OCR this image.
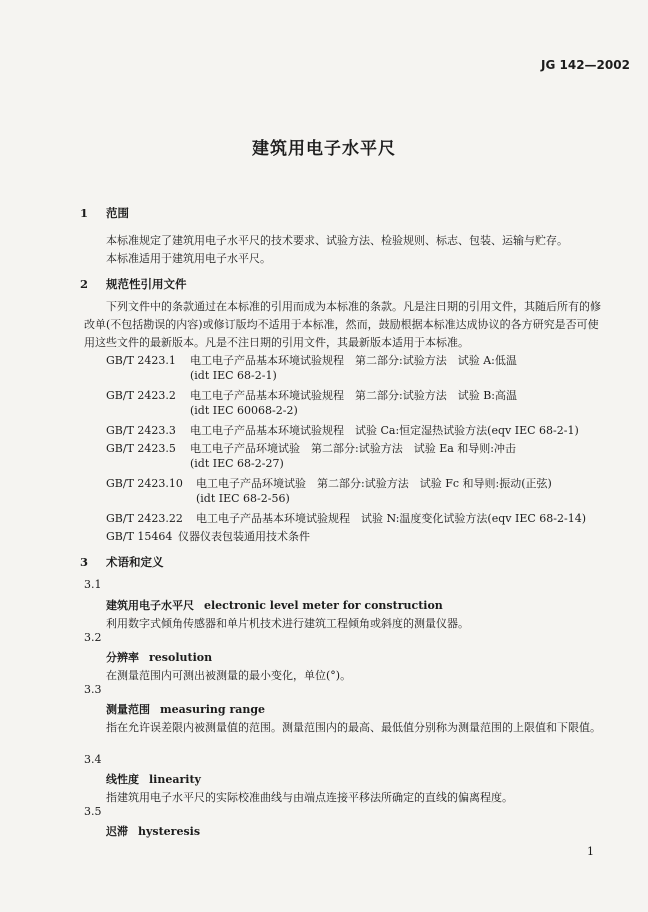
JG 142—2002
建筑用电子水平尺
1 范围
本标准规定了建筑用电子水平尺的技术要求、试验方法、检验规则、标志、包装、运输与贮存。
本标准适用于建筑用电子水平尺。
2 规范性引用文件
下列文件中的条款通过在本标准的引用而成为本标准的条款。凡是注日期的引用文件，其随后所有的修改单(不包括勘误的内容)或修订版均不适用于本标准，然而，鼓励根据本标准达成协议的各方研究是否可使用这些文件的最新版本。凡是不注日期的引用文件，其最新版本适用于本标准。
GB/T 2423.1 电工电子产品基本环境试验规程　第二部分:试验方法　试验 A:低温
(idt IEC 68-2-1)
GB/T 2423.2 电工电子产品基本环境试验规程　第二部分:试验方法　试验 B:高温
(idt IEC 60068-2-2)
GB/T 2423.3 电工电子产品基本环境试验规程　试验 Ca:恒定湿热试验方法(eqv IEC 68-2-1)
GB/T 2423.5 电工电子产品环境试验　第二部分:试验方法　试验 Ea 和导则:冲击
(idt IEC 68-2-27)
GB/T 2423.10 电工电子产品环境试验　第二部分:试验方法　试验 Fc 和导则:振动(正弦)
(idt IEC 68-2-56)
GB/T 2423.22 电工电子产品基本环境试验规程　试验 N:温度变化试验方法(eqv IEC 68-2-14)
GB/T 15464 仪器仪表包装通用技术条件
3 术语和定义
3.1
建筑用电子水平尺 electronic level meter for construction
利用数字式倾角传感器和单片机技术进行建筑工程倾角或斜度的测量仪器。
3.2
分辨率 resolution
在测量范围内可测出被测量的最小变化，单位(°)。
3.3
测量范围 measuring range
指在允许误差限内被测量值的范围。测量范围内的最高、最低值分别称为测量范围的上限值和下限值。
3.4
线性度 linearity
指建筑用电子水平尺的实际校准曲线与由端点连接平移法所确定的直线的偏离程度。
3.5
迟滞 hysteresis
1
